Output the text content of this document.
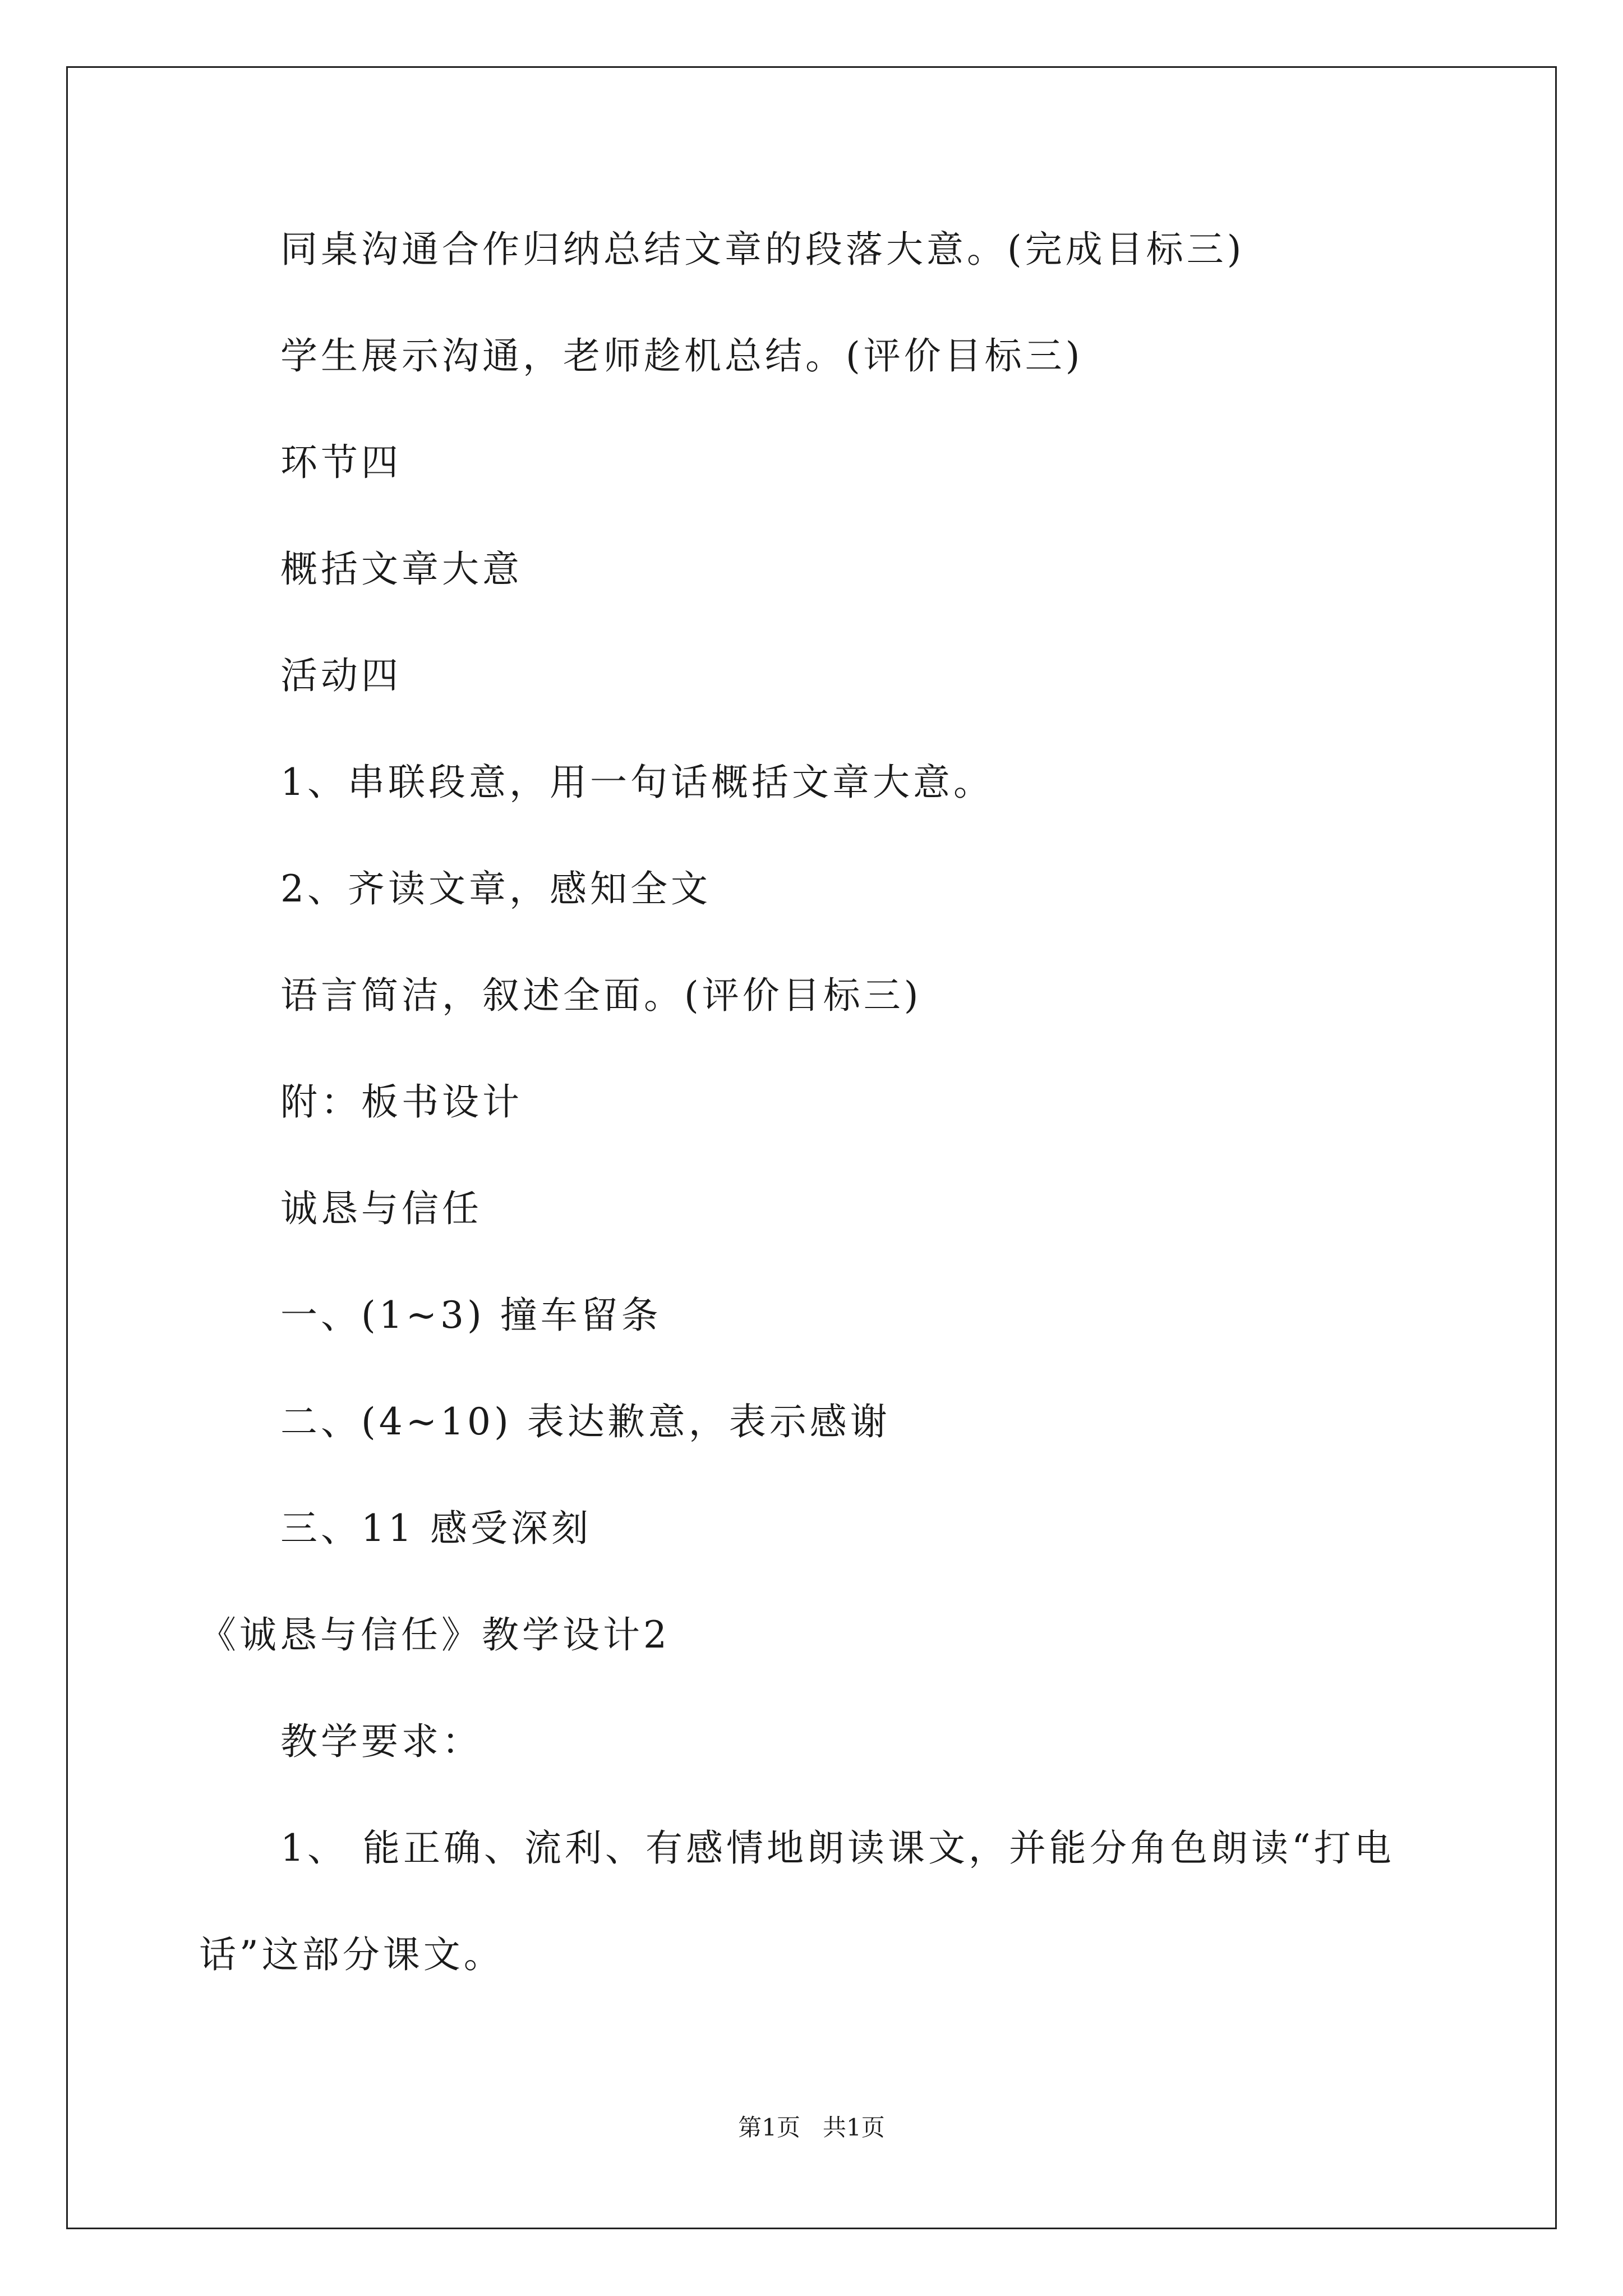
同桌沟通合作归纳总结文章的段落大意。(完成目标三)
学生展示沟通，老师趁机总结。(评价目标三)
环节四
概括文章大意
活动四
1、串联段意，用一句话概括文章大意。
2、齐读文章，感知全文
语言简洁，叙述全面。(评价目标三)
附：板书设计
诚恳与信任
一、(1~3) 撞车留条
二、(4~10) 表达歉意，表示感谢
三、11 感受深刻
《诚恳与信任》教学设计2
教学要求：
1、 能正确、流利、有感情地朗读课文，并能分角色朗读“打电
话”这部分课文。
第1页 共1页
